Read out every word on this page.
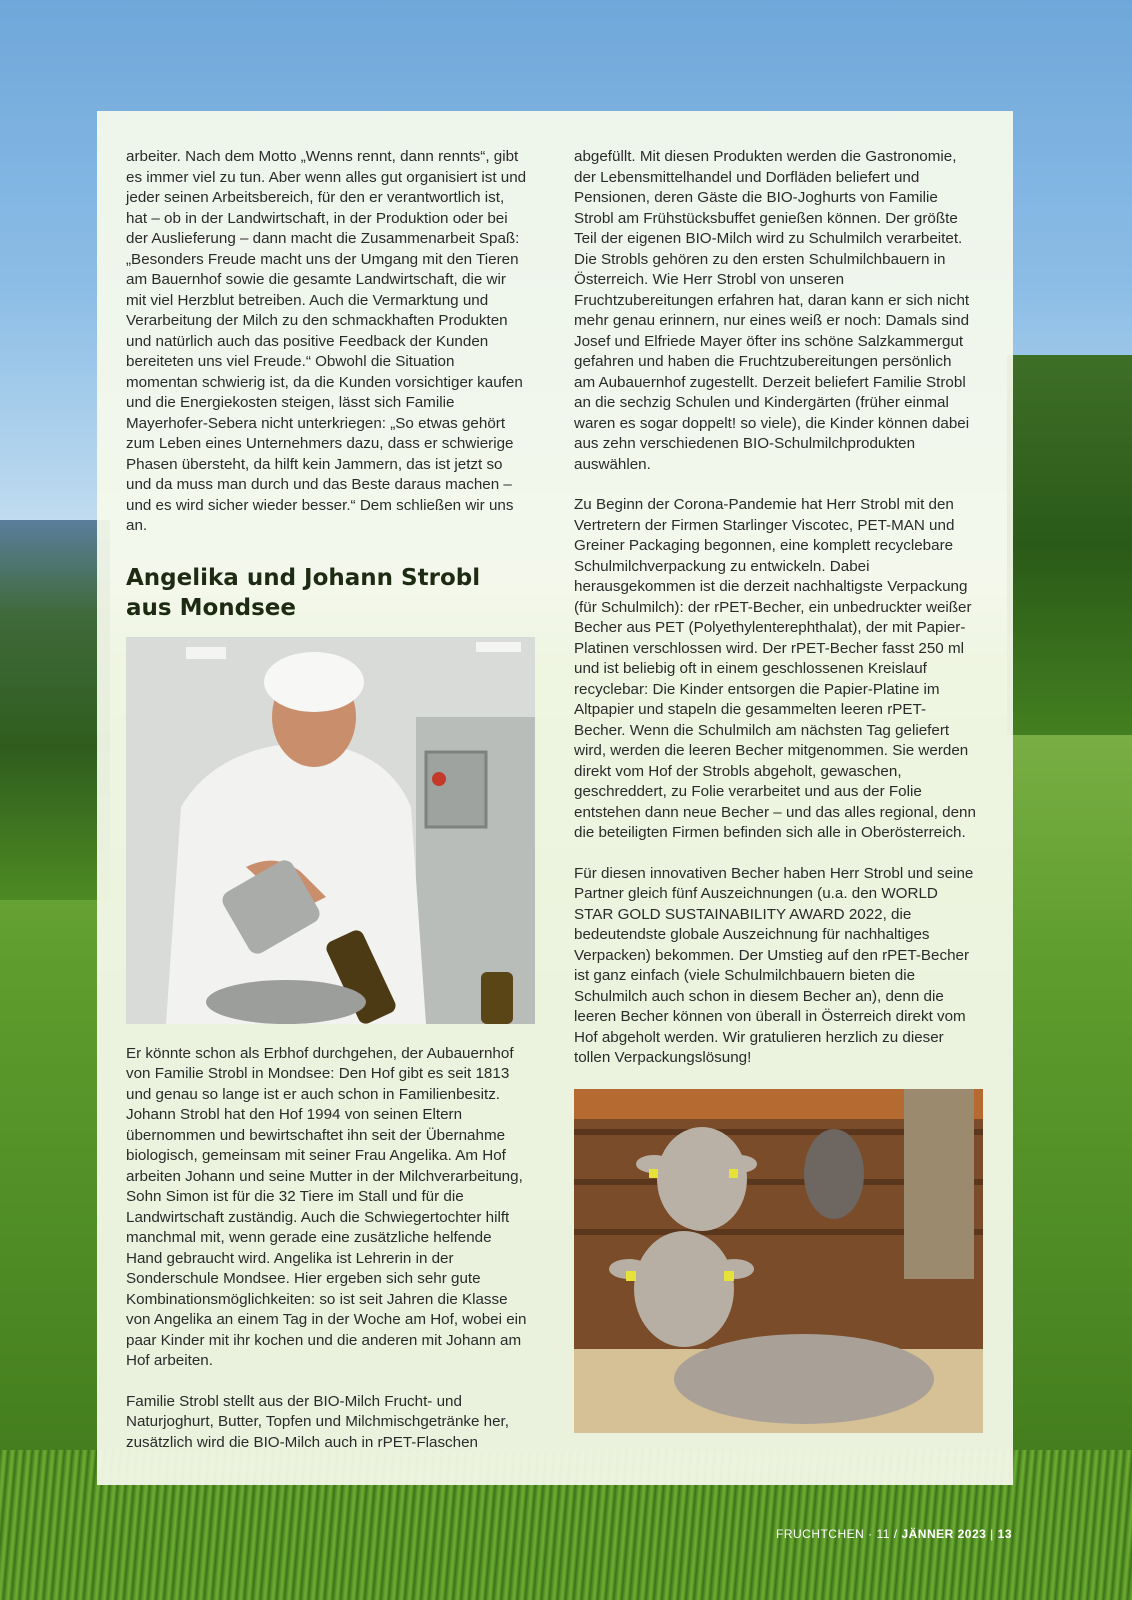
arbeiter. Nach dem Motto „Wenns rennt, dann rennts“, gibt es immer viel zu tun. Aber wenn alles gut organisiert ist und jeder seinen Arbeitsbereich, für den er verantwortlich ist, hat – ob in der Landwirtschaft, in der Produktion oder bei der Auslieferung – dann macht die Zusammenarbeit Spaß: „Besonders Freude macht uns der Umgang mit den Tieren am Bauernhof sowie die gesamte Landwirtschaft, die wir mit viel Herzblut betreiben. Auch die Vermarktung und Verarbeitung der Milch zu den schmackhaften Produkten und natürlich auch das positive Feedback der Kunden bereiteten uns viel Freude.“ Obwohl die Situation momentan schwierig ist, da die Kunden vorsichtiger kaufen und die Energiekosten steigen, lässt sich Familie Mayerhofer-Sebera nicht unterkriegen: „So etwas gehört zum Leben eines Unternehmers dazu, dass er schwierige Phasen übersteht, da hilft kein Jammern, das ist jetzt so und da muss man durch und das Beste daraus machen – und es wird sicher wieder besser.“ Dem schließen wir uns an.

Angelika und Johann Strobl aus Mondsee

Er könnte schon als Erbhof durchgehen, der Aubauernhof von Familie Strobl in Mondsee: Den Hof gibt es seit 1813 und genau so lange ist er auch schon in Familienbesitz. Johann Strobl hat den Hof 1994 von seinen Eltern übernommen und bewirtschaftet ihn seit der Übernahme biologisch, gemeinsam mit seiner Frau Angelika. Am Hof arbeiten Johann und seine Mutter in der Milchverarbeitung, Sohn Simon ist für die 32 Tiere im Stall und für die Landwirtschaft zuständig. Auch die Schwiegertochter hilft manchmal mit, wenn gerade eine zusätzliche helfende Hand gebraucht wird. Angelika ist Lehrerin in der Sonderschule Mondsee. Hier ergeben sich sehr gute Kombinationsmöglichkeiten: so ist seit Jahren die Klasse von Angelika an einem Tag in der Woche am Hof, wobei ein paar Kinder mit ihr kochen und die anderen mit Johann am Hof arbeiten.

Familie Strobl stellt aus der BIO-Milch Frucht- und Naturjoghurt, Butter, Topfen und Milchmischgetränke her, zusätzlich wird die BIO-Milch auch in rPET-Flaschen

abgefüllt. Mit diesen Produkten werden die Gastronomie, der Lebensmittelhandel und Dorfläden beliefert und Pensionen, deren Gäste die BIO-Joghurts von Familie Strobl am Frühstücksbuffet genießen können. Der größte Teil der eigenen BIO-Milch wird zu Schulmilch verarbeitet. Die Strobls gehören zu den ersten Schulmilchbauern in Österreich. Wie Herr Strobl von unseren Fruchtzubereitungen erfahren hat, daran kann er sich nicht mehr genau erinnern, nur eines weiß er noch: Damals sind Josef und Elfriede Mayer öfter ins schöne Salzkammergut gefahren und haben die Fruchtzubereitungen persönlich am Aubauernhof zugestellt. Derzeit beliefert Familie Strobl an die sechzig Schulen und Kindergärten (früher einmal waren es sogar doppelt! so viele), die Kinder können dabei aus zehn verschiedenen BIO-Schulmilchprodukten auswählen.

Zu Beginn der Corona-Pandemie hat Herr Strobl mit den Vertretern der Firmen Starlinger Viscotec, PET-MAN und Greiner Packaging begonnen, eine komplett recyclebare Schulmilchverpackung zu entwickeln. Dabei herausgekommen ist die derzeit nachhaltigste Verpackung (für Schulmilch): der rPET-Becher, ein unbedruckter weißer Becher aus PET (Polyethylenterephthalat), der mit Papier-Platinen verschlossen wird. Der rPET-Becher fasst 250 ml und ist beliebig oft in einem geschlossenen Kreislauf recyclebar: Die Kinder entsorgen die Papier-Platine im Altpapier und stapeln die gesammelten leeren rPET-Becher. Wenn die Schulmilch am nächsten Tag geliefert wird, werden die leeren Becher mitgenommen. Sie werden direkt vom Hof der Strobls abgeholt, gewaschen, geschreddert, zu Folie verarbeitet und aus der Folie entstehen dann neue Becher – und das alles regional, denn die beteiligten Firmen befinden sich alle in Oberösterreich.

Für diesen innovativen Becher haben Herr Strobl und seine Partner gleich fünf Auszeichnungen (u.a. den WORLD STAR GOLD SUSTAINABILITY AWARD 2022, die bedeutendste globale Auszeichnung für nachhaltiges Verpacken) bekommen. Der Umstieg auf den rPET-Becher ist ganz einfach (viele Schulmilchbauern bieten die Schulmilch auch schon in diesem Becher an), denn die leeren Becher können von überall in Österreich direkt vom Hof abgeholt werden. Wir gratulieren herzlich zu dieser tollen Verpackungslösung!

FRUCHTCHEN · 11 / JÄNNER 2023 | 13
